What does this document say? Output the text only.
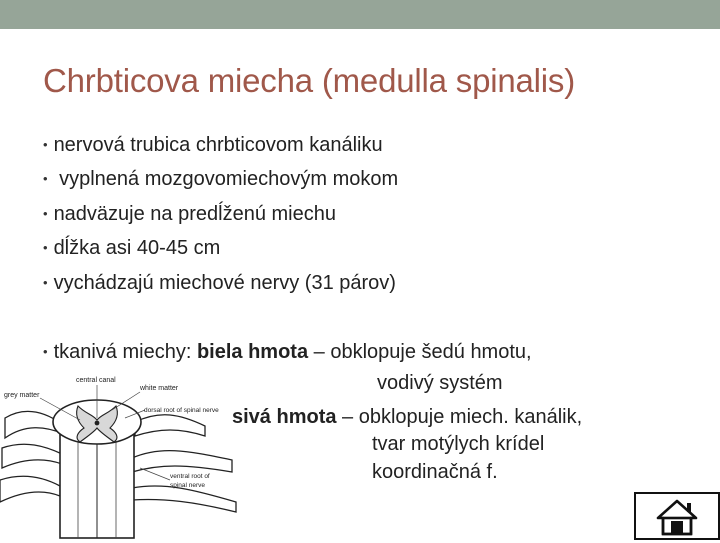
Chrbticova miecha (medulla spinalis)
• nervová trubica chrbticovom kanáliku
• vyplnená mozgovomiechovým mokom
• nadväzuje na predĺženú miechu
• dĺžka asi 40-45 cm
• vychádzajú miechové nervy (31 párov)
• tkanivá miechy: biela hmota – obklopuje šedú hmotu,
vodivý systém
sivá hmota – obklopuje miech. kanálik,
tvar motýlych krídel
koordinačná f.
central canal
white matter
grey matter
dorsal root of spinal nerve
ventral root of
spinal nerve
